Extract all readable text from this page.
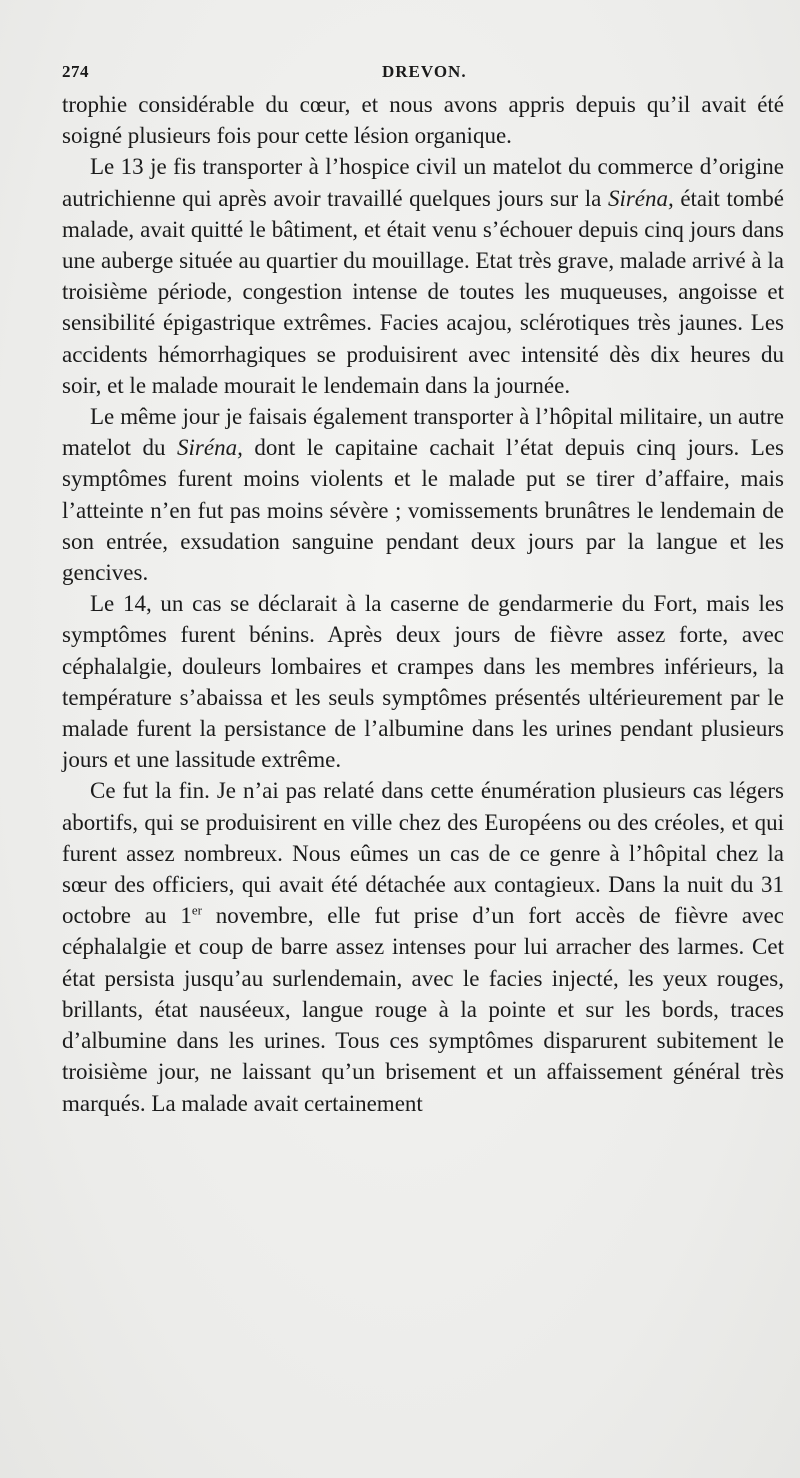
274	DREVON.

trophie considérable du cœur, et nous avons appris depuis qu’il avait été soigné plusieurs fois pour cette lésion organique.

Le 13 je fis transporter à l’hospice civil un matelot du commerce d’origine autrichienne qui après avoir travaillé quelques jours sur la Siréna, était tombé malade, avait quitté le bâtiment, et était venu s’échouer depuis cinq jours dans une auberge située au quartier du mouillage. Etat très grave, malade arrivé à la troisième période, congestion intense de toutes les muqueuses, angoisse et sensibilité épigastrique extrêmes. Facies acajou, sclérotiques très jaunes. Les accidents hémorrhagiques se produisirent avec intensité dès dix heures du soir, et le malade mourait le lendemain dans la journée.

Le même jour je faisais également transporter à l’hôpital militaire, un autre matelot du Siréna, dont le capitaine cachait l’état depuis cinq jours. Les symptômes furent moins violents et le malade put se tirer d’affaire, mais l’atteinte n’en fut pas moins sévère ; vomissements brunâtres le lendemain de son entrée, exsudation sanguine pendant deux jours par la langue et les gencives.

Le 14, un cas se déclarait à la caserne de gendarmerie du Fort, mais les symptômes furent bénins. Après deux jours de fièvre assez forte, avec céphalalgie, douleurs lombaires et crampes dans les membres inférieurs, la température s’abaissa et les seuls symptômes présentés ultérieurement par le malade furent la persistance de l’albumine dans les urines pendant plusieurs jours et une lassitude extrême.

Ce fut la fin. Je n’ai pas relaté dans cette énumération plusieurs cas légers abortifs, qui se produisirent en ville chez des Européens ou des créoles, et qui furent assez nombreux. Nous eûmes un cas de ce genre à l’hôpital chez la sœur des officiers, qui avait été détachée aux contagieux. Dans la nuit du 31 octobre au 1er novembre, elle fut prise d’un fort accès de fièvre avec céphalalgie et coup de barre assez intenses pour lui arracher des larmes. Cet état persista jusqu’au surlendemain, avec le facies injecté, les yeux rouges, brillants, état nauséeux, langue rouge à la pointe et sur les bords, traces d’albumine dans les urines. Tous ces symptômes disparurent subitement le troisième jour, ne laissant qu’un brisement et un affaissement général très marqués. La malade avait certainement
